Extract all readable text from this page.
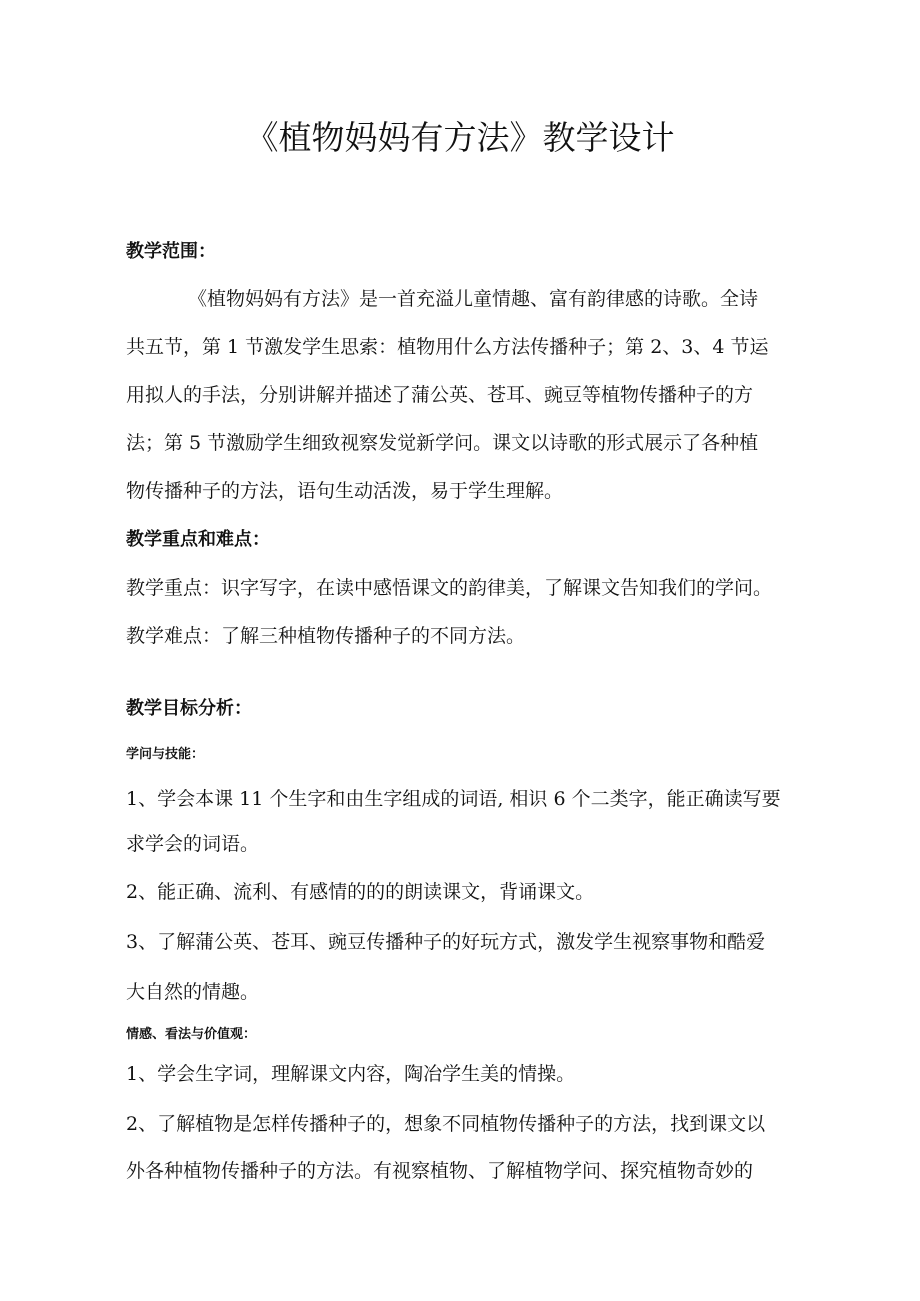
《植物妈妈有方法》教学设计
教学范围：
《植物妈妈有方法》是一首充溢儿童情趣、富有韵律感的诗歌。全诗
共五节，第 1 节激发学生思索：植物用什么方法传播种子；第 2、3、4 节运
用拟人的手法，分别讲解并描述了蒲公英、苍耳、豌豆等植物传播种子的方
法；第 5 节激励学生细致视察发觉新学问。课文以诗歌的形式展示了各种植
物传播种子的方法，语句生动活泼，易于学生理解。
教学重点和难点：
教学重点：识字写字，在读中感悟课文的韵律美，了解课文告知我们的学问。
教学难点：了解三种植物传播种子的不同方法。
教学目标分析：
学问与技能：
1、学会本课 11 个生字和由生字组成的词语, 相识 6 个二类字，能正确读写要
求学会的词语。
2、能正确、流利、有感情的的的朗读课文，背诵课文。
3、了解蒲公英、苍耳、豌豆传播种子的好玩方式，激发学生视察事物和酷爱
大自然的情趣。
情感、看法与价值观：
1、学会生字词，理解课文内容，陶冶学生美的情操。
2、了解植物是怎样传播种子的，想象不同植物传播种子的方法，找到课文以
外各种植物传播种子的方法。有视察植物、了解植物学问、探究植物奇妙的
